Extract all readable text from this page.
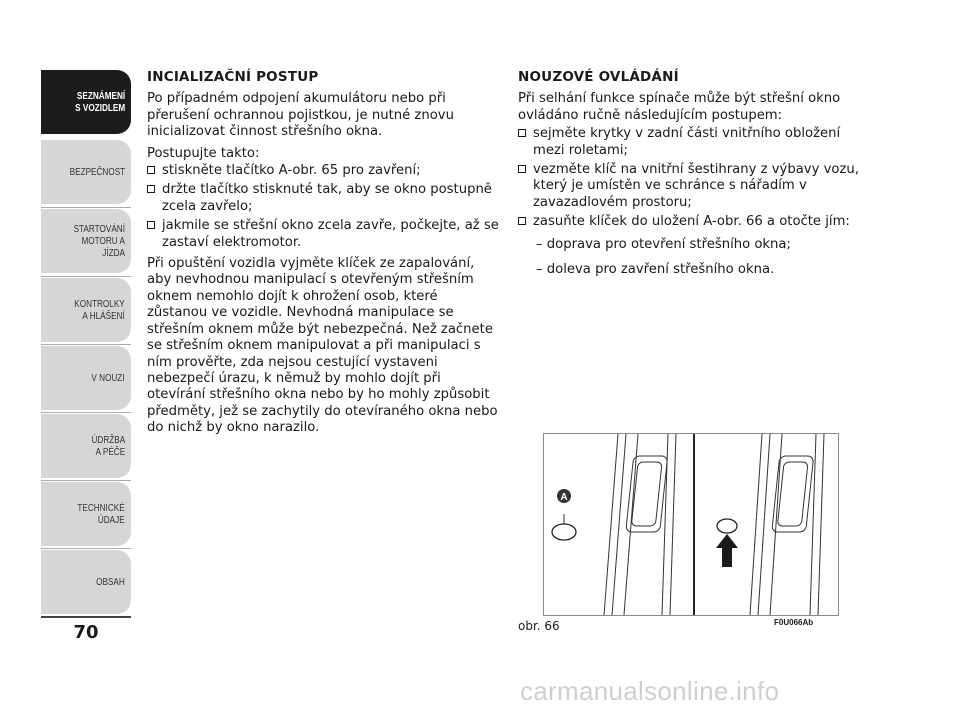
SEZNÁMENÍ
S VOZIDLEM
BEZPEČNOST
STARTOVÁNÍ
MOTORU A JÍZDA
KONTROLKY
A HLÁŠENÍ
V NOUZI
ÚDRŽBA
A PÉČE
TECHNICKÉ
ÚDAJE
OBSAH
70
INCIALIZAČNÍ POSTUP

Po případném odpojení akumulátoru nebo při přerušení ochrannou pojistkou, je nutné znovu inicializovat činnost střešního okna.

Postupujte takto:

stiskněte tlačítko A-obr. 65 pro zavření;
držte tlačítko stisknuté tak, aby se okno postupně zcela zavřelo;
jakmile se střešní okno zcela zavře, počkejte, až se zastaví elektromotor.

Při opuštění vozidla vyjměte klíček ze zapalování, aby nevhodnou manipulací s otevřeným střešním oknem nemohlo dojít k ohrožení osob, které zůstanou ve vozidle. Nevhodná manipulace se střešním oknem může být nebezpečná. Než začnete se střešním oknem manipulovat a při manipulaci s ním prověřte, zda nejsou cestující vystaveni nebezpečí úrazu, k němuž by mohlo dojít při otevírání střešního okna nebo by ho mohly způsobit předměty, jež se zachytily do otevíraného okna nebo do nichž by okno narazilo.

NOUZOVÉ OVLÁDÁNÍ

Při selhání funkce spínače může být střešní okno ovládáno ručně následujícím postupem:

sejměte krytky v zadní části vnitřního obložení mezi roletami;
vezměte klíč na vnitřní šestihrany z výbavy vozu, který je umístěn ve schránce s nářadím v zavazadlovém prostoru;
zasuňte klíček do uložení A-obr. 66 a otočte jím:
– doprava pro otevření střešního okna;
– doleva pro zavření střešního okna.
A
obr. 66	F0U066Ab
carmanualsonline.info
